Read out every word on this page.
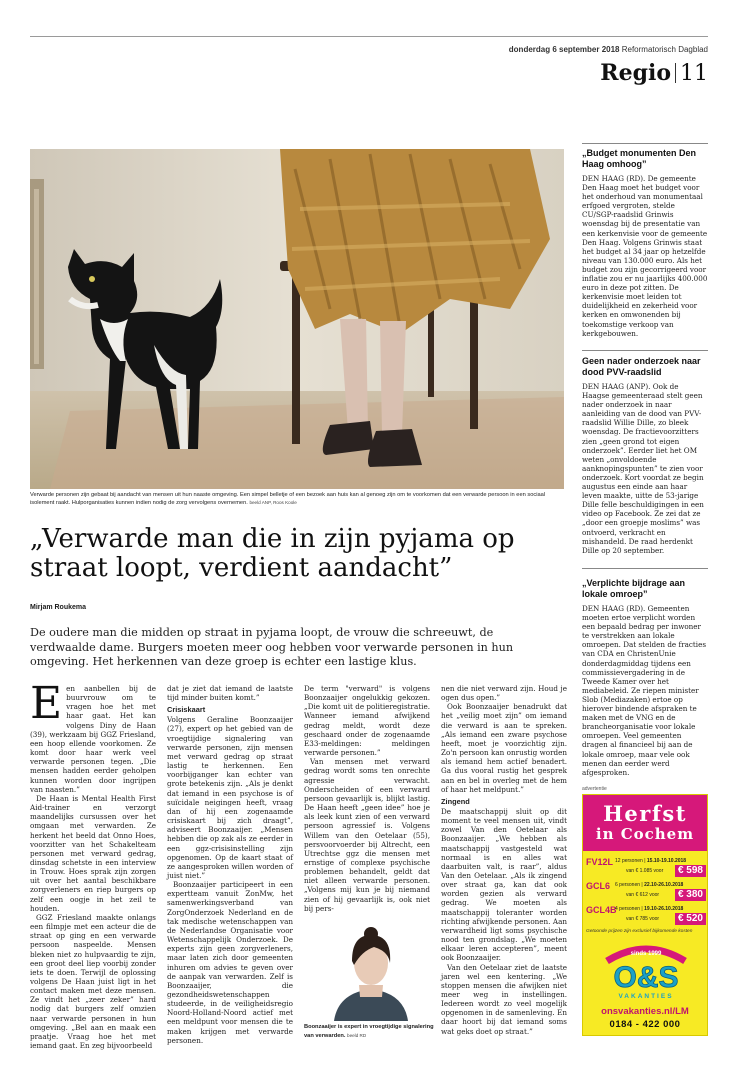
donderdag 6 september 2018 Reformatorisch Dagblad
Regio 11
Verwarde personen zijn gebaat bij aandacht van mensen uit hun naaste omgeving. Een simpel belletje of een bezoek aan huis kan al genoeg zijn om te voorkomen dat een verwarde persoon in een sociaal isolement raakt. Hulporganisaties kunnen indien nodig de zorg vervolgens overnemen. beeld ANP, Roos Koole
„Verwarde man die in zijn pyjama op straat loopt, verdient aandacht”
Mirjam Roukema

De oudere man die midden op straat in pyjama loopt, de vrouw die schreeuwt, de verdwaalde dame. Burgers moeten meer oog hebben voor verwarde personen in hun omgeving. Het herkennen van deze groep is echter een lastige klus.

E en aanbellen bij de buurvrouw om te vragen hoe het met haar gaat. Het kan volgens Diny de Haan (39), werkzaam bij GGZ Friesland, een hoop ellende voorkomen. Ze komt door haar werk veel verwarde personen tegen. „Die mensen hadden eerder geholpen kunnen worden door ingrijpen van naasten.”

De Haan is Mental Health First Aid-trainer en verzorgt maandelijks cursussen over het omgaan met verwarden. Ze herkent het beeld dat Onno Hoes, voorzitter van het Schakelteam personen met verward gedrag, dinsdag schetste in een interview in Trouw. Hoes sprak zijn zorgen uit over het aantal beschikbare zorgverleners en riep burgers op zelf een oogje in het zeil te houden.

GGZ Friesland maakte onlangs een filmpje met een acteur die de straat op ging en een verwarde persoon naspeelde. Mensen bleken niet zo hulpvaardig te zijn, een groot deel liep voorbij zonder iets te doen. Terwijl de oplossing volgens De Haan juist ligt in het contact maken met deze mensen. Ze vindt het „zeer zeker” hard nodig dat burgers zelf omzien naar verwarde personen in hun omgeving. „Bel aan en maak een praatje. Vraag hoe het met iemand gaat. En zeg bijvoorbeeld

dat je ziet dat iemand de laatste tijd minder buiten komt.”

Crisiskaart

Volgens Geraline Boonzaaijer (27), expert op het gebied van de vroegtijdige signalering van verwarde personen, zijn mensen met verward gedrag op straat lastig te herkennen. Een voorbijganger kan echter van grote betekenis zijn. „Als je denkt dat iemand in een psychose is of suïcidale neigingen heeft, vraag dan of hij een zogenaamde crisiskaart bij zich draagt”, adviseert Boonzaaijer. „Mensen hebben die op zak als ze eerder in een ggz-crisisinstelling zijn opgenomen. Op de kaart staat of ze aangesproken willen worden of juist niet.”

Boonzaaijer participeert in een expertteam vanuit ZonMw, het samenwerkingsverband van ZorgOnderzoek Nederland en de tak medische wetenschappen van de Nederlandse Organisatie voor Wetenschappelijk Onderzoek. De experts zijn geen zorgverleners, maar laten zich door gemeenten inhuren om advies te geven over de aanpak van verwarden. Zelf is Boonzaaijer, die gezondheidswetenschappen studeerde, in de veiligheidsregio Noord-Holland-Noord actief met een meldpunt voor mensen die te maken krijgen met verwarde personen.

De term "verward" is volgens Boonzaaijer ongelukkig gekozen. „Die komt uit de politieregistratie. Wanneer iemand afwijkend gedrag meldt, wordt deze geschaard onder de zogenaamde E33-meldingen: meldingen verwarde personen.”

Van mensen met verward gedrag wordt soms ten onrechte agressie verwacht. Onderscheiden of een verward persoon gevaarlijk is, blijkt lastig. De Haan heeft „geen idee” hoe je als leek kunt zien of een verward persoon agressief is. Volgens Willem van den Oetelaar (55), persvoorvoerder bij Altrecht, een Utrechtse ggz die mensen met ernstige of complexe psychische problemen behandelt, geldt dat niet alleen verwarde personen. „Volgens mij kun je bij niemand zien of hij gevaarlijk is, ook niet bij pers-

nen die niet verward zijn. Houd je ogen dus open.”

Ook Boonzaaijer benadrukt dat het „veilig moet zijn” om iemand die verward is aan te spreken. „Als iemand een zware psychose heeft, moet je voorzichtig zijn. Zo'n persoon kan onrustig worden als iemand hem actief benadert. Ga dus vooral rustig het gesprek aan en bel in overleg met de hem of haar het meldpunt.”

Zingend

De maatschappij sluit op dit moment te veel mensen uit, vindt zowel Van den Oetelaar als Boonzaaijer. „We hebben als maatschappij vastgesteld wat normaal is en alles wat daarbuiten valt, is raar”, aldus Van den Oetelaar. „Als ik zingend over straat ga, kan dat ook worden gezien als verward gedrag. We moeten als maatschappij toleranter worden richting afwijkende personen. Aan verwardheid ligt soms psychische nood ten grondslag. „We moeten elkaar leren accepteren”, meent ook Boonzaaijer.

Van den Oetelaar ziet de laatste jaren wel een kentering. „We stoppen mensen die afwijken niet meer weg in instellingen. Iedereen wordt zo veel mogelijk opgenomen in de samenleving. En daar hoort bij dat iemand soms wat geks doet op straat.”

Boonzaaijer is expert in vroegtijdige signalering van verwarden. beeld RD
„Budget monumenten Den Haag omhoog”

DEN HAAG (RD). De gemeente Den Haag moet het budget voor het onderhoud van monumentaal erfgoed vergroten, stelde CU/SGP-raadslid Grinwis woensdag bij de presentatie van een kerkenvisie voor de gemeente Den Haag. Volgens Grinwis staat het budget al 34 jaar op hetzelfde niveau van 130.000 euro. Als het budget zou zijn gecorrigeerd voor inflatie zou er nu jaarlijks 400.000 euro in deze pot zitten. De kerkenvisie moet leiden tot duidelijkheid en zekerheid voor kerken en omwonenden bij toekomstige verkoop van kerkgebouwen.

Geen nader onderzoek naar dood PVV-raadslid

DEN HAAG (ANP). Ook de Haagse gemeenteraad stelt geen nader onderzoek in naar aanleiding van de dood van PVV-raadslid Willie Dille, zo bleek woensdag. De fractievoorzitters zien „geen grond tot eigen onderzoek”. Eerder liet het OM weten „onvoldoende aanknopingspunten” te zien voor onderzoek. Kort voordat ze begin augustus een einde aan haar leven maakte, uitte de 53-jarige Dille felle beschuldigingen in een video op Facebook. Ze zei dat ze „door een groepje moslims” was ontvoerd, verkracht en mishandeld. De raad herdenkt Dille op 20 september.

„Verplichte bijdrage aan lokale omroep”

DEN HAAG (RD). Gemeenten moeten ertoe verplicht worden een bepaald bedrag per inwoner te verstrekken aan lokale omroepen. Dat stelden de fracties van CDA en ChristenUnie donderdagmiddag tijdens een commissievergadering in de Tweede Kamer over het mediabeleid. Ze riepen minister Slob (Mediazaken) ertoe op hierover bindende afspraken te maken met de VNG en de brancheorganisatie voor lokale omroepen. Veel gemeenten dragen al financieel bij aan de lokale omroep, maar vele ook menen dan eerder werd afgesproken.

advertentie
Herfst
in Cochem
FV12L 12 personen | 15.10-19.10.2018
van € 1.085 voor	€ 598
GCL6 6 personen | 22.10-26.10.2018
van € 612 voor	€ 380
GCL4B
4 personen | 19.10-26.10.2018
van € 785 voor	€ 520
Getoonde prijzen zijn exclusief bijkomende kosten
sinds 1999
O&S
VAKANTIES
onsvakanties.nl/LM
0184 - 422 000
